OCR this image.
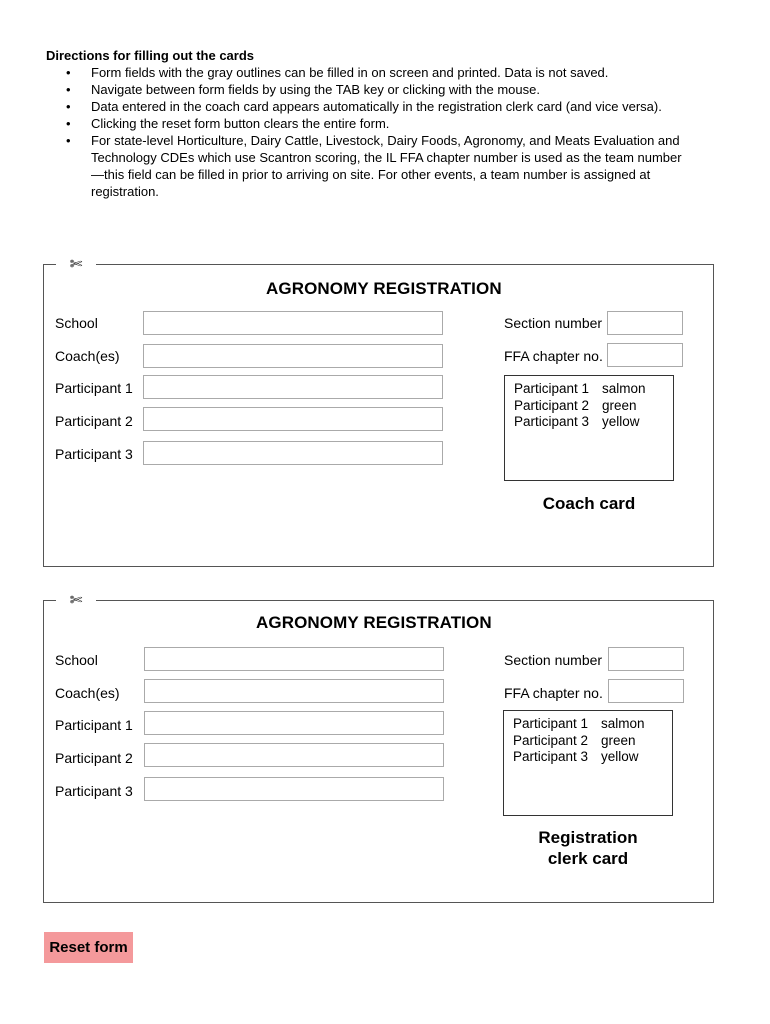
Directions for filling out the cards

• Form fields with the gray outlines can be filled in on screen and printed. Data is not saved.
• Navigate between form fields by using the TAB key or clicking with the mouse.
• Data entered in the coach card appears automatically in the registration clerk card (and vice versa).
• Clicking the reset form button clears the entire form.
• For state-level Horticulture, Dairy Cattle, Livestock, Dairy Foods, Agronomy, and Meats Evaluation and Technology CDEs which use Scantron scoring, the IL FFA chapter number is used as the team number—this field can be filled in prior to arriving on site. For other events, a team number is assigned at registration.
✄
AGRONOMY REGISTRATION
School
Coach(es)
Participant 1
Participant 2
Participant 3
Section number
FFA chapter no.
Participant 1 salmon
Participant 2 green
Participant 3 yellow
Coach card
✄
AGRONOMY REGISTRATION
School
Coach(es)
Participant 1
Participant 2
Participant 3
Section number
FFA chapter no.
Participant 1 salmon
Participant 2 green
Participant 3 yellow
Registration
clerk card
Reset form
